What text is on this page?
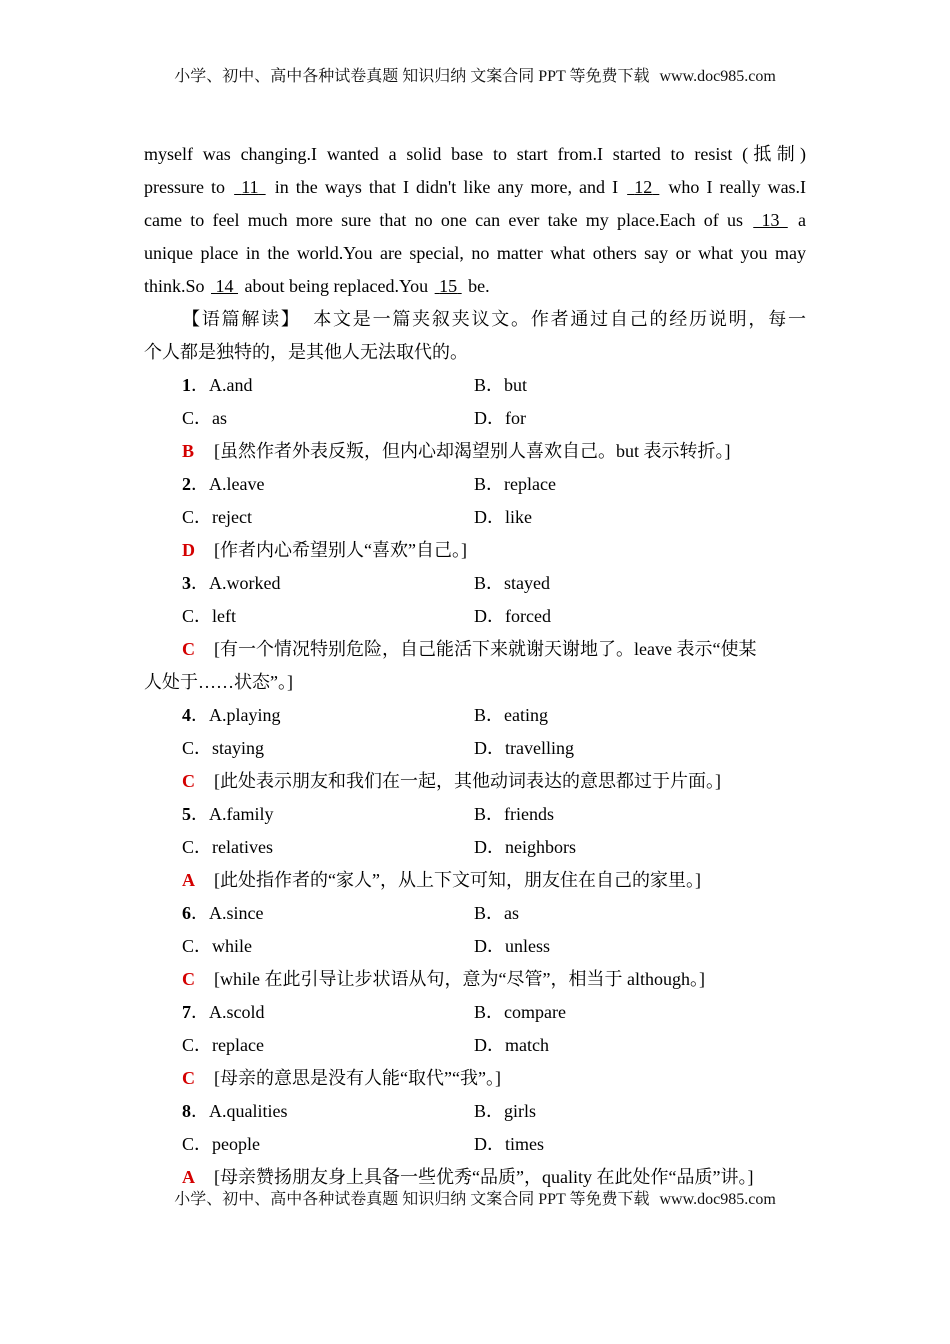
小学、初中、高中各种试卷真题 知识归纳 文案合同 PPT 等免费下载 www.doc985.com
myself was changing.I wanted a solid base to start from.I started to resist (抵制)
pressure to 11 in the ways that I didn't like any more, and I 12 who I really was.I
came to feel much more sure that no one can ever take my place.Each of us 13 a
unique place in the world.You are special, no matter what others say or what you may
think.So 14 about being replaced.You 15 be.
【语篇解读】 本文是一篇夹叙夹议文。作者通过自己的经历说明，每一
个人都是独特的，是其他人无法取代的。
1．A.and	B．but
C．as	D．for
B [虽然作者外表反叛，但内心却渴望别人喜欢自己。but 表示转折。]
2．A.leave	B．replace
C．reject	D．like
D [作者内心希望别人“喜欢”自己。]
3．A.worked	B．stayed
C．left	D．forced
C [有一个情况特别危险，自己能活下来就谢天谢地了。leave 表示“使某
人处于……状态”。]
4．A.playing	B．eating
C．staying	D．travelling
C [此处表示朋友和我们在一起，其他动词表达的意思都过于片面。]
5．A.family	B．friends
C．relatives	D．neighbors
A [此处指作者的“家人”，从上下文可知，朋友住在自己的家里。]
6．A.since	B．as
C．while	D．unless
C [while 在此引导让步状语从句，意为“尽管”，相当于 although。]
7．A.scold	B．compare
C．replace	D．match
C [母亲的意思是没有人能“取代”“我”。]
8．A.qualities	B．girls
C．people	D．times
A [母亲赞扬朋友身上具备一些优秀“品质”，quality 在此处作“品质”讲。]
小学、初中、高中各种试卷真题 知识归纳 文案合同 PPT 等免费下载 www.doc985.com
